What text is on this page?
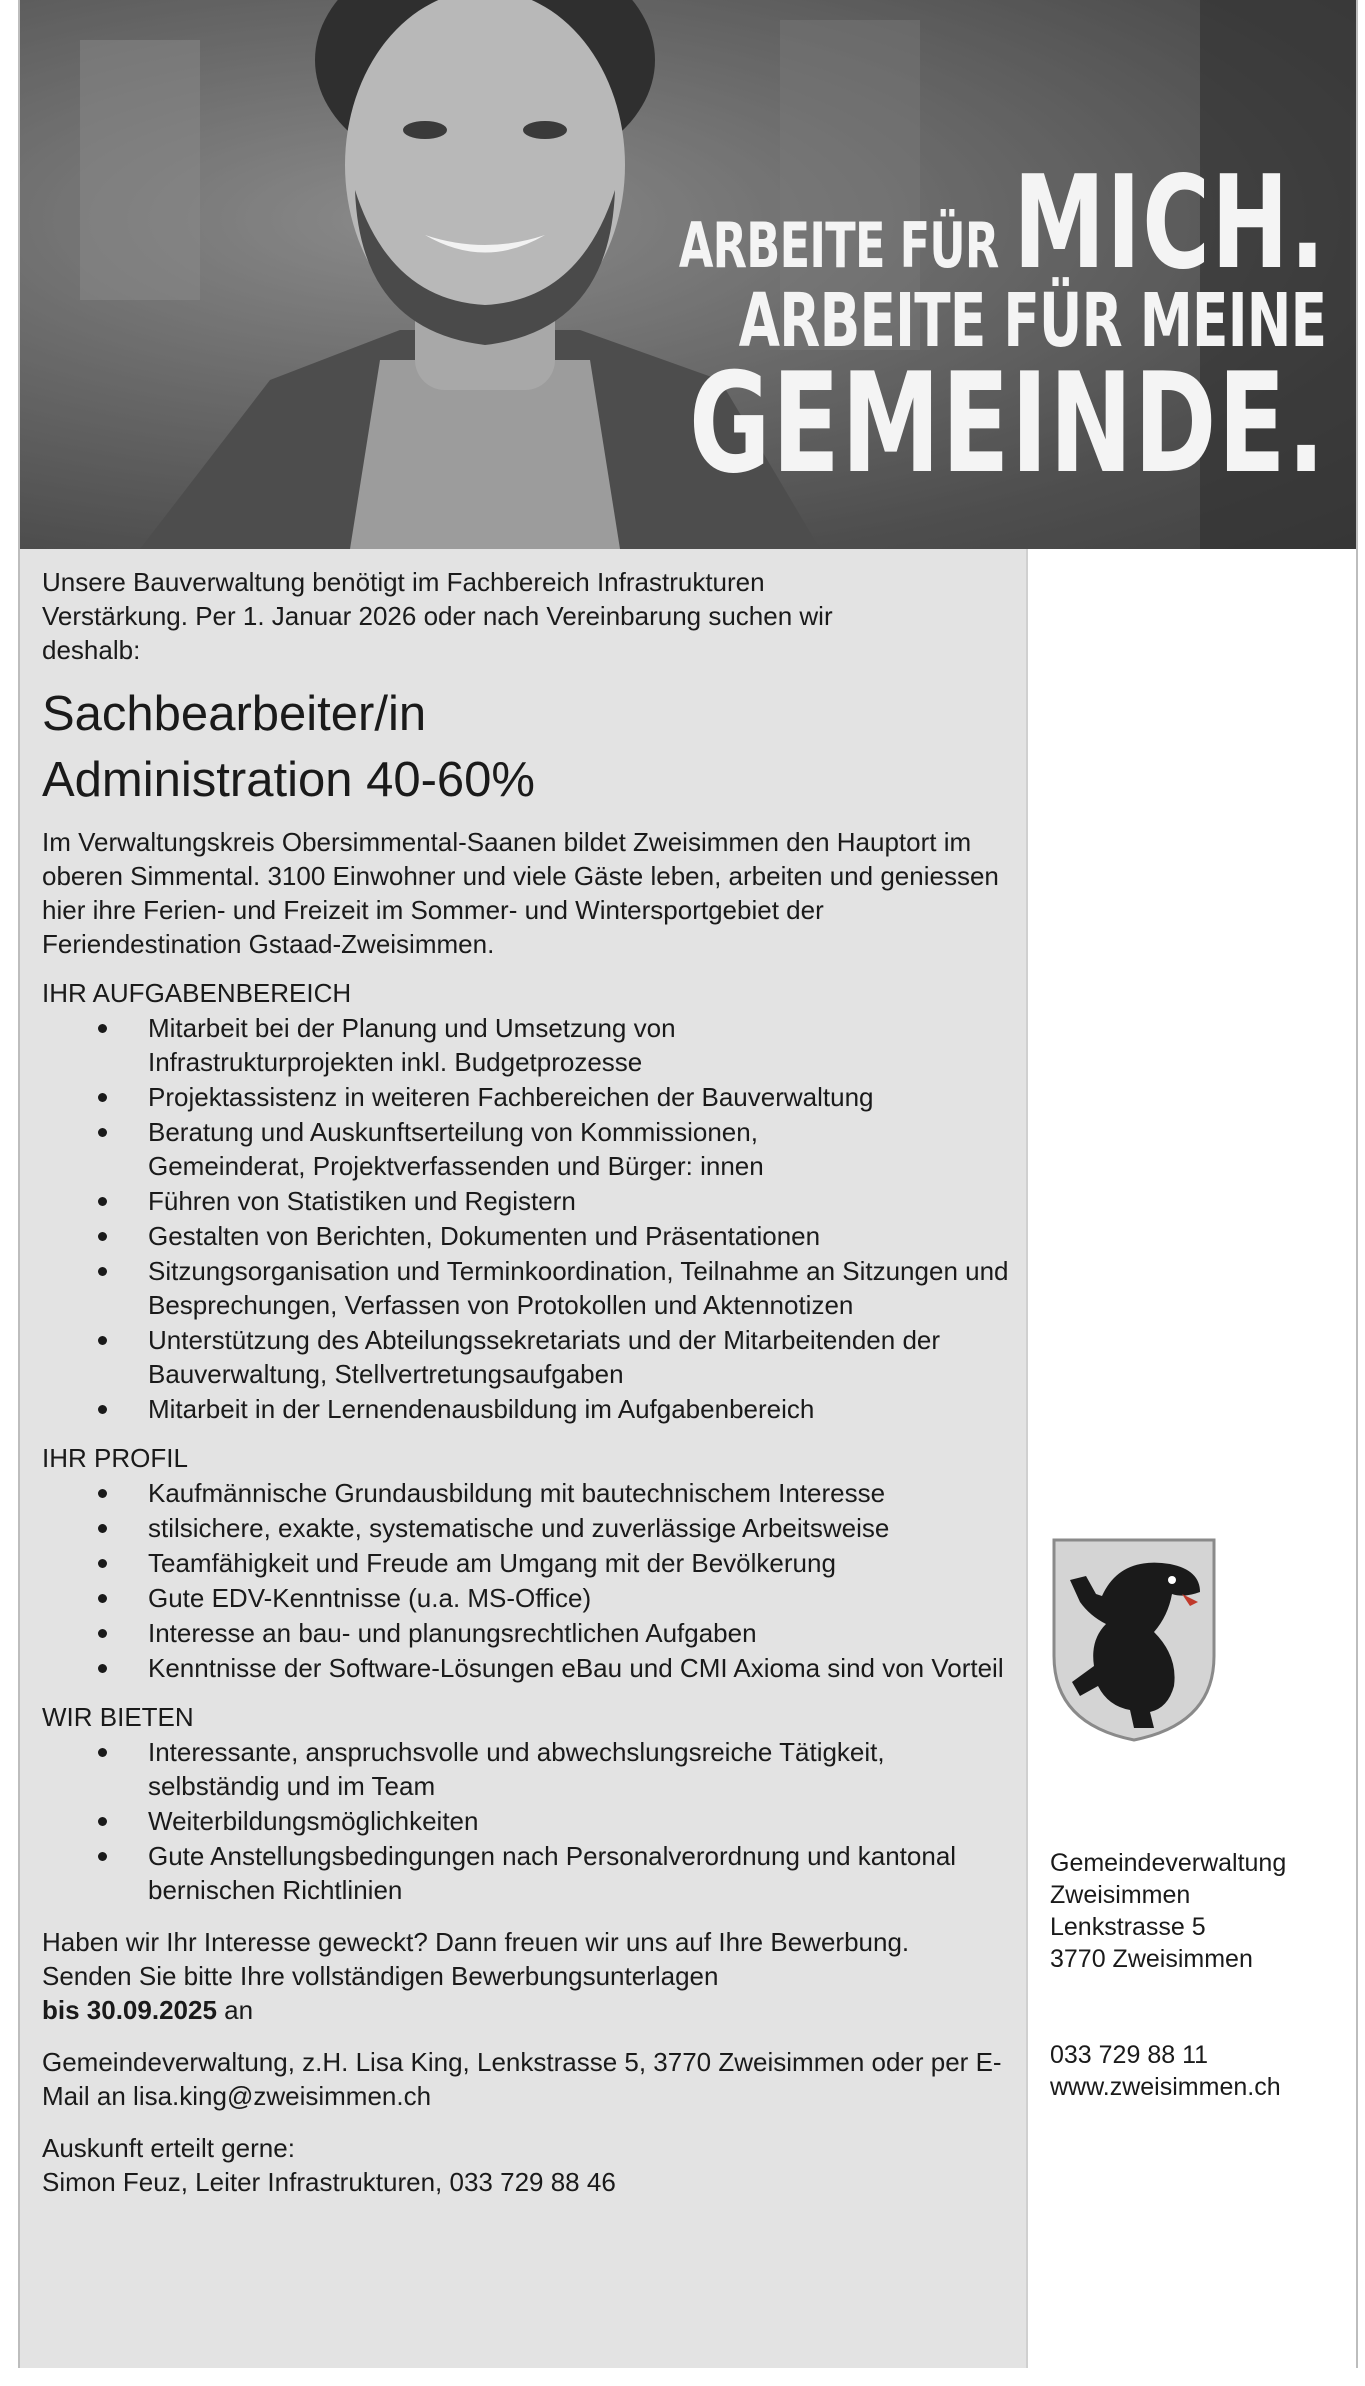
ARBEITE FÜR MICH.
ARBEITE FÜR MEINE
GEMEINDE.

Unsere Bauverwaltung benötigt im Fachbereich Infrastrukturen Verstärkung. Per 1. Januar 2026 oder nach Vereinbarung suchen wir deshalb:

Sachbearbeiter/in
Administration 40-60%

Im Verwaltungskreis Obersimmental-Saanen bildet Zweisimmen den Hauptort im oberen Simmental. 3100 Einwohner und viele Gäste leben, arbeiten und geniessen hier ihre Ferien- und Freizeit im Sommer- und Wintersportgebiet der Feriendestination Gstaad-Zweisimmen.

IHR AUFGABENBEREICH
Mitarbeit bei der Planung und Umsetzung von Infrastrukturprojekten inkl. Budgetprozesse
Projektassistenz in weiteren Fachbereichen der Bauverwaltung
Beratung und Auskunftserteilung von Kommissionen, Gemeinderat, Projektverfassenden und Bürger: innen
Führen von Statistiken und Registern
Gestalten von Berichten, Dokumenten und Präsentationen
Sitzungsorganisation und Terminkoordination, Teilnahme an Sitzungen und Besprechungen, Verfassen von Protokollen und Aktennotizen
Unterstützung des Abteilungssekretariats und der Mitarbeitenden der Bauverwaltung, Stellvertretungsaufgaben
Mitarbeit in der Lernendenausbildung im Aufgabenbereich
IHR PROFIL
Kaufmännische Grundausbildung mit bautechnischem Interesse
stilsichere, exakte, systematische und zuverlässige Arbeitsweise
Teamfähigkeit und Freude am Umgang mit der Bevölkerung
Gute EDV-Kenntnisse (u.a. MS-Office)
Interesse an bau- und planungsrechtlichen Aufgaben
Kenntnisse der Software-Lösungen eBau und CMI Axioma sind von Vorteil
WIR BIETEN
Interessante, anspruchsvolle und abwechslungsreiche Tätigkeit, selbständig und im Team
Weiterbildungsmöglichkeiten
Gute Anstellungsbedingungen nach Personalverordnung und kantonal bernischen Richtlinien

Haben wir Ihr Interesse geweckt? Dann freuen wir uns auf Ihre Bewerbung. Senden Sie bitte Ihre vollständigen Bewerbungsunterlagen
bis 30.09.2025 an

Gemeindeverwaltung, z.H. Lisa King, Lenkstrasse 5, 3770 Zweisimmen oder per E-Mail an lisa.king@zweisimmen.ch

Auskunft erteilt gerne:

Simon Feuz, Leiter Infrastrukturen, 033 729 88 46

Gemeindeverwaltung
Zweisimmen
Lenkstrasse 5
3770 Zweisimmen
033 729 88 11
www.zweisimmen.ch
